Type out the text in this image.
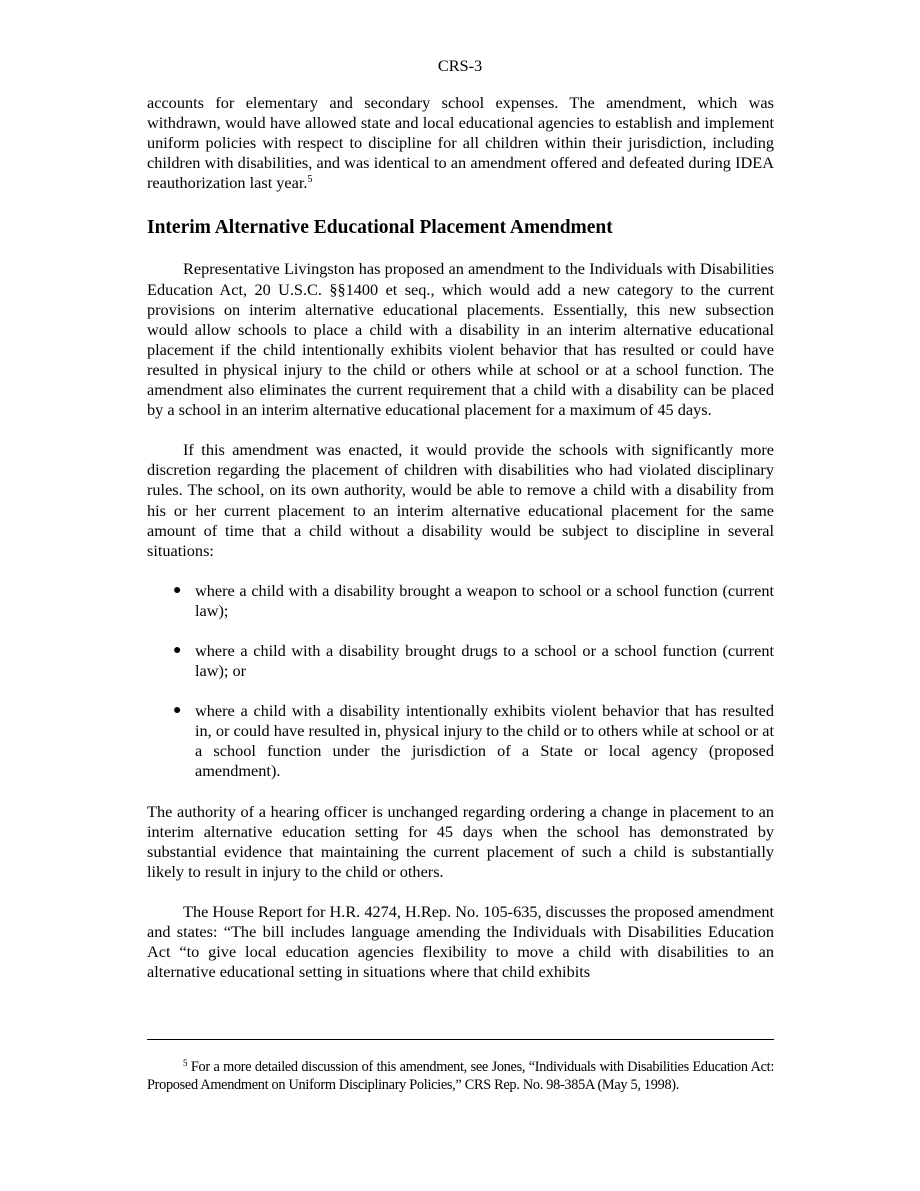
CRS-3

accounts for elementary and secondary school expenses. The amendment, which was withdrawn, would have allowed state and local educational agencies to establish and implement uniform policies with respect to discipline for all children within their jurisdiction, including children with disabilities, and was identical to an amendment offered and defeated during IDEA reauthorization last year.$^5$

Interim Alternative Educational Placement Amendment

Representative Livingston has proposed an amendment to the Individuals with Disabilities Education Act, 20 U.S.C. §§1400 et seq., which would add a new category to the current provisions on interim alternative educational placements. Essentially, this new subsection would allow schools to place a child with a disability in an interim alternative educational placement if the child intentionally exhibits violent behavior that has resulted or could have resulted in physical injury to the child or others while at school or at a school function. The amendment also eliminates the current requirement that a child with a disability can be placed by a school in an interim alternative educational placement for a maximum of 45 days.

If this amendment was enacted, it would provide the schools with significantly more discretion regarding the placement of children with disabilities who had violated disciplinary rules. The school, on its own authority, would be able to remove a child with a disability from his or her current placement to an interim alternative educational placement for the same amount of time that a child without a disability would be subject to discipline in several situations:

● where a child with a disability brought a weapon to school or a school function (current law);
● where a child with a disability brought drugs to a school or a school function (current law); or
● where a child with a disability intentionally exhibits violent behavior that has resulted in, or could have resulted in, physical injury to the child or to others while at school or at a school function under the jurisdiction of a State or local agency (proposed amendment).

The authority of a hearing officer is unchanged regarding ordering a change in placement to an interim alternative education setting for 45 days when the school has demonstrated by substantial evidence that maintaining the current placement of such a child is substantially likely to result in injury to the child or others.

The House Report for H.R. 4274, H.Rep. No. 105-635, discusses the proposed amendment and states: “The bill includes language amending the Individuals with Disabilities Education Act “to give local education agencies flexibility to move a child with disabilities to an alternative educational setting in situations where that child exhibits

$^5$ For a more detailed discussion of this amendment, see Jones, “Individuals with Disabilities Education Act: Proposed Amendment on Uniform Disciplinary Policies,” CRS Rep. No. 98-385A (May 5, 1998).
